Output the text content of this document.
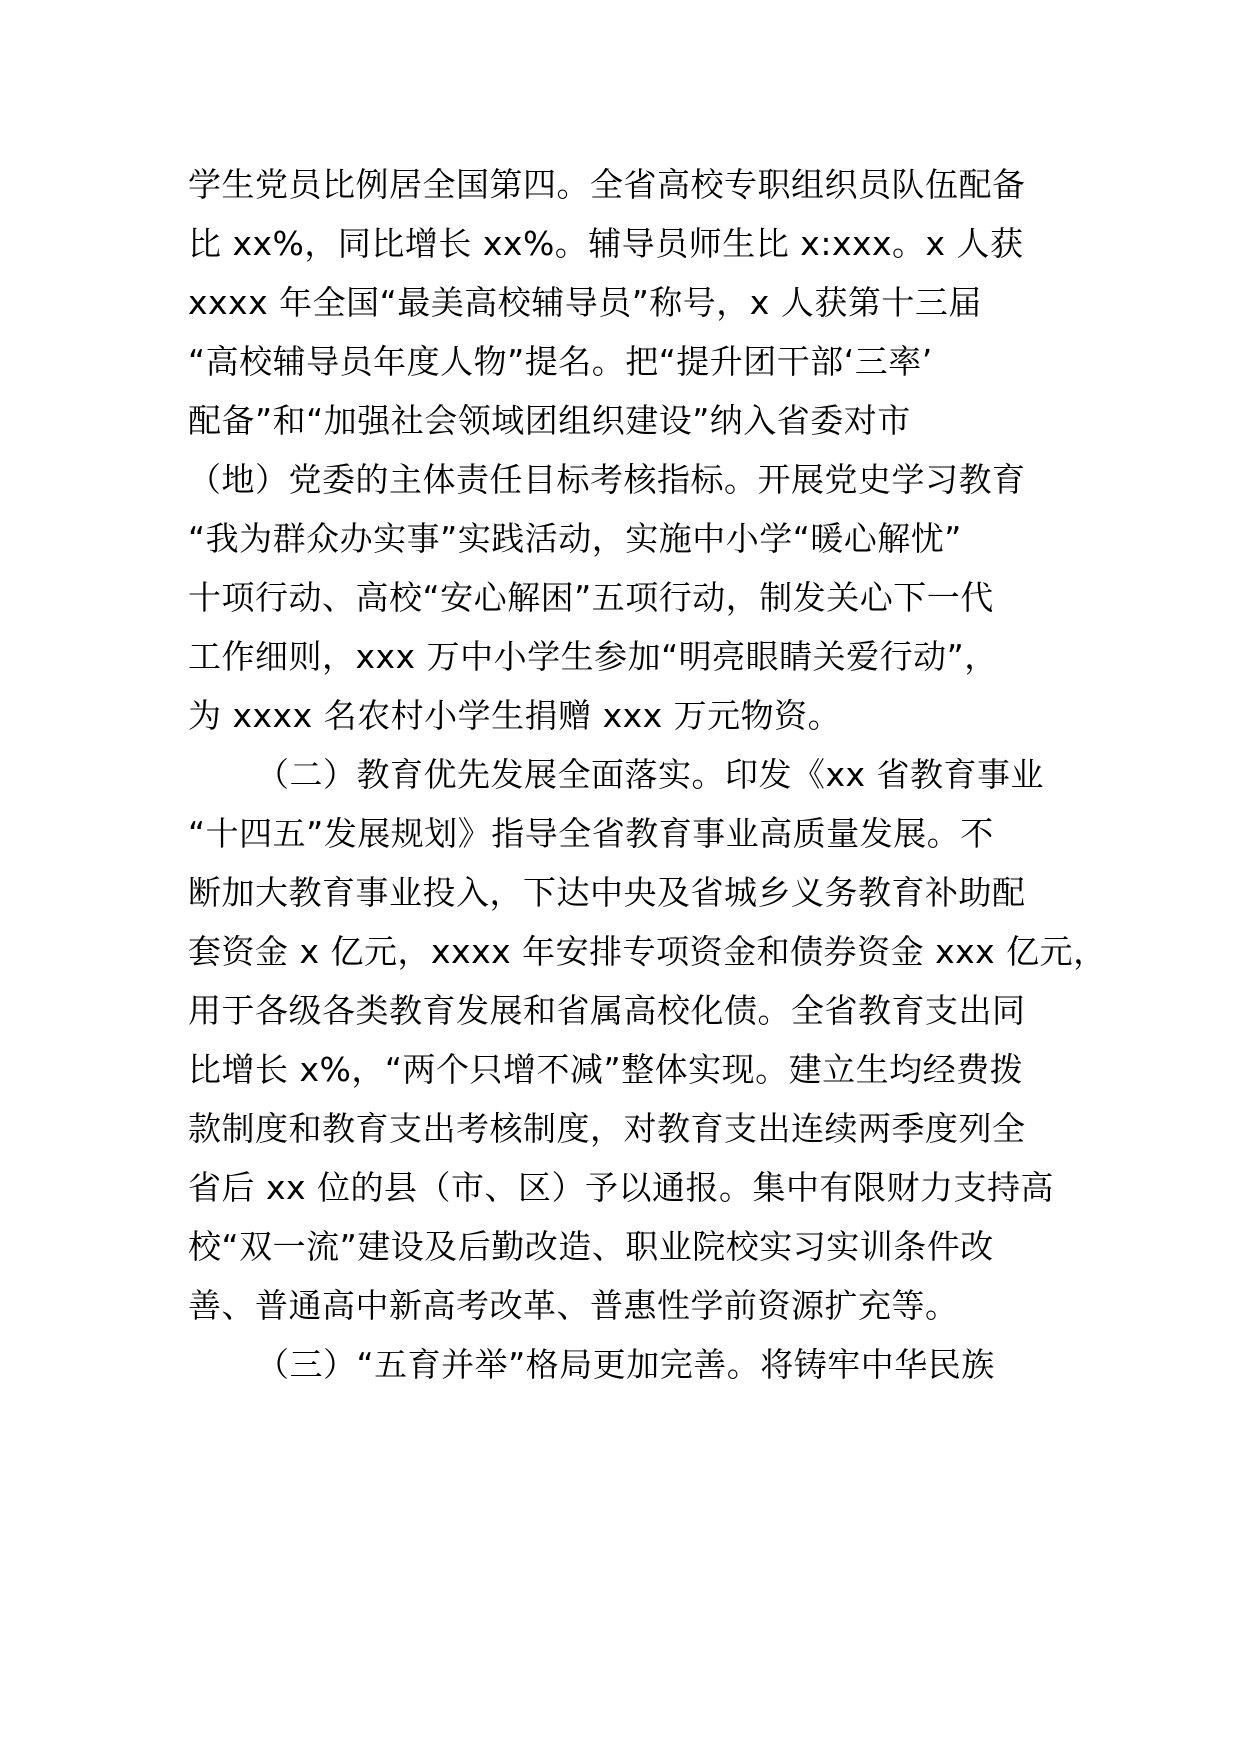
学生党员比例居全国第四。全省高校专职组织员队伍配备
比 xx%，同比增长 xx%。辅导员师生比 x:xxx。x 人获
xxxx 年全国“最美高校辅导员”称号，x 人获第十三届
“高校辅导员年度人物”提名。把“提升团干部‘三率’
配备”和“加强社会领域团组织建设”纳入省委对市
（地）党委的主体责任目标考核指标。开展党史学习教育
“我为群众办实事”实践活动，实施中小学“暖心解忧”
十项行动、高校“安心解困”五项行动，制发关心下一代
工作细则，xxx 万中小学生参加“明亮眼睛关爱行动”，
为 xxxx 名农村小学生捐赠 xxx 万元物资。
（二）教育优先发展全面落实。印发《xx 省教育事业
“十四五”发展规划》指导全省教育事业高质量发展。不
断加大教育事业投入，下达中央及省城乡义务教育补助配
套资金 x 亿元，xxxx 年安排专项资金和债券资金 xxx 亿元，
用于各级各类教育发展和省属高校化债。全省教育支出同
比增长 x%，“两个只增不减”整体实现。建立生均经费拨
款制度和教育支出考核制度，对教育支出连续两季度列全
省后 xx 位的县（市、区）予以通报。集中有限财力支持高
校“双一流”建设及后勤改造、职业院校实习实训条件改
善、普通高中新高考改革、普惠性学前资源扩充等。
（三）“五育并举”格局更加完善。将铸牢中华民族
